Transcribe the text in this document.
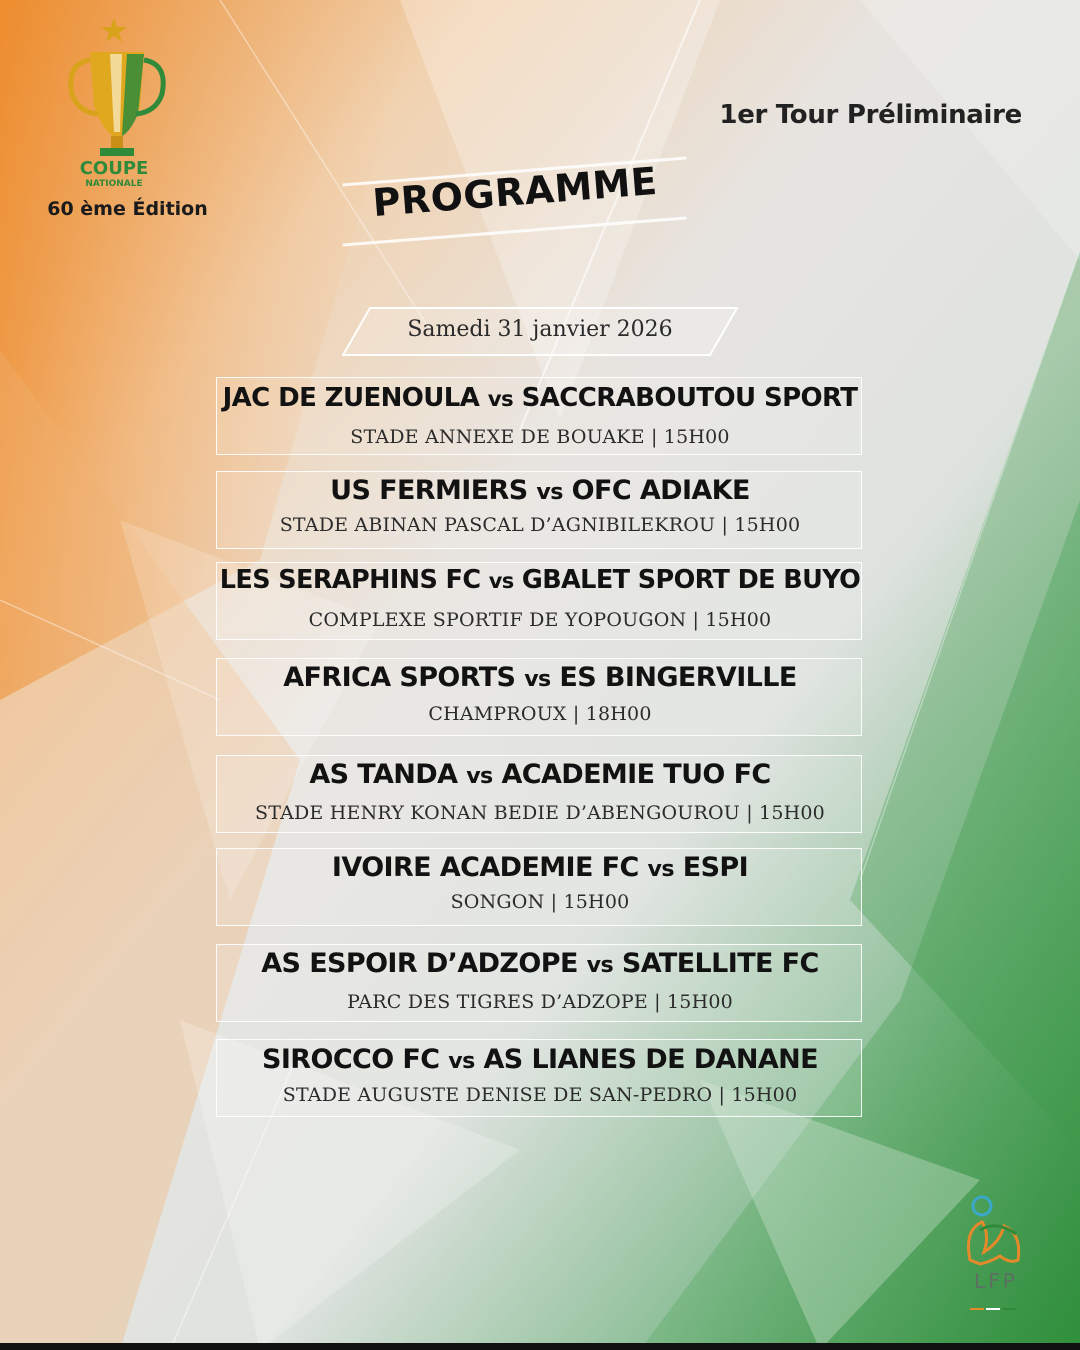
COUPE
NATIONALE
60 ème Édition
1er Tour Préliminaire
PROGRAMME
Samedi 31 janvier 2026
JAC DE ZUENOULA vs SACCRABOUTOU SPORT
STADE ANNEXE DE BOUAKE | 15H00
US FERMIERS vs OFC ADIAKE
STADE ABINAN PASCAL D’AGNIBILEKROU | 15H00
LES SERAPHINS FC vs GBALET SPORT DE BUYO
COMPLEXE SPORTIF DE YOPOUGON | 15H00
AFRICA SPORTS vs ES BINGERVILLE
CHAMPROUX | 18H00
AS TANDA vs ACADEMIE TUO FC
STADE HENRY KONAN BEDIE D’ABENGOUROU | 15H00
IVOIRE ACADEMIE FC vs ESPI
SONGON | 15H00
AS ESPOIR D’ADZOPE vs SATELLITE FC
PARC DES TIGRES D’ADZOPE | 15H00
SIROCCO FC vs AS LIANES DE DANANE
STADE AUGUSTE DENISE DE SAN-PEDRO | 15H00
LFP
